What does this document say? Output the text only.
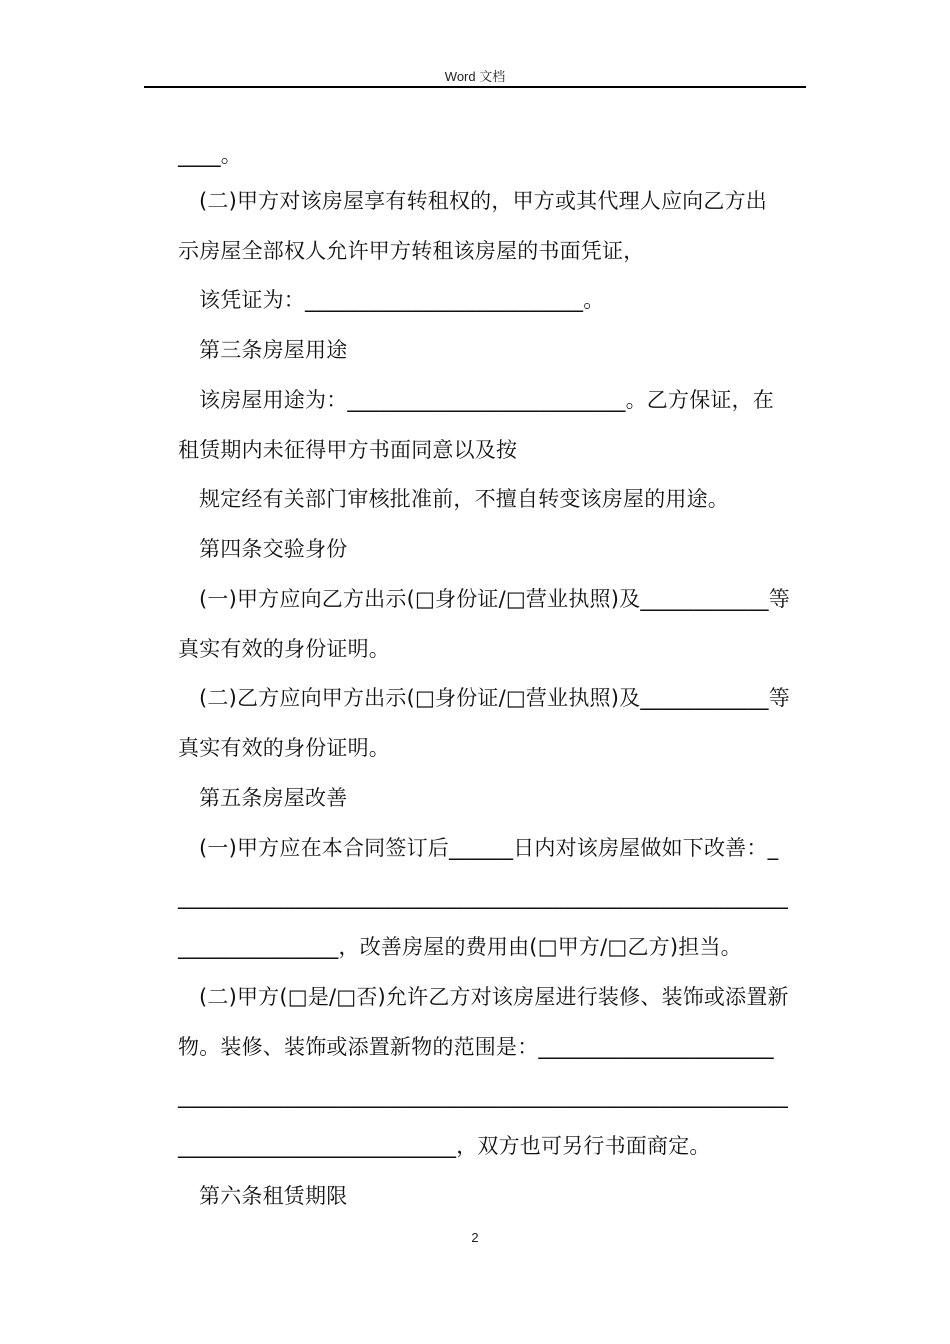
Word 文档
____。
(二)甲方对该房屋享有转租权的，甲方或其代理人应向乙方出
示房屋全部权人允许甲方转租该房屋的书面凭证，
该凭证为：__________________________。
第三条房屋用途
该房屋用途为：__________________________。乙方保证，在
租赁期内未征得甲方书面同意以及按
规定经有关部门审核批准前，不擅自转变该房屋的用途。
第四条交验身份
(一)甲方应向乙方出示(□身份证/□营业执照)及____________等
真实有效的身份证明。
(二)乙方应向甲方出示(□身份证/□营业执照)及____________等
真实有效的身份证明。
第五条房屋改善
(一)甲方应在本合同签订后______日内对该房屋做如下改善：_
_________________________________________________________
_______________，改善房屋的费用由(□甲方/□乙方)担当。
(二)甲方(□是/□否)允许乙方对该房屋进行装修、装饰或添置新
物。装修、装饰或添置新物的范围是：______________________
_________________________________________________________
__________________________，双方也可另行书面商定。
第六条租赁期限
2
